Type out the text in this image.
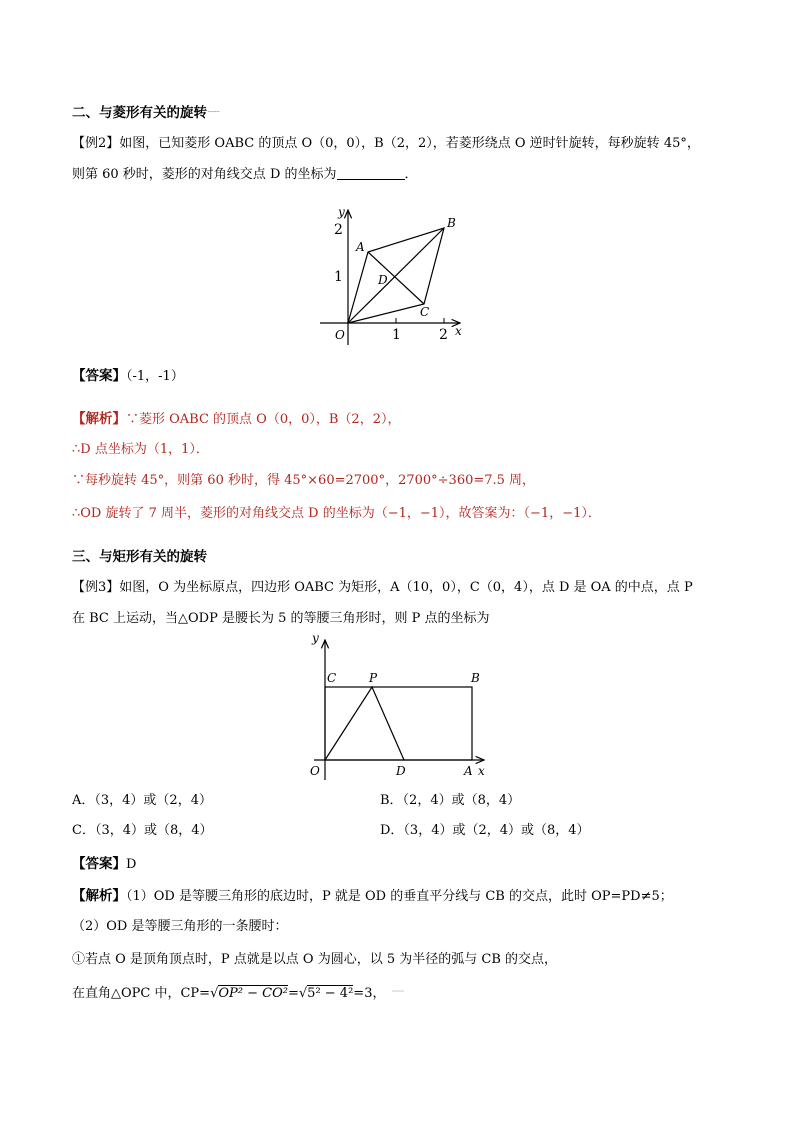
二、与菱形有关的旋转˜˜˜˜
【例2】如图，已知菱形 OABC 的顶点 O（0，0），B（2，2），若菱形绕点 O 逆时针旋转，每秒旋转 45°，
则第 60 秒时，菱形的对角线交点 D 的坐标为	．
1	2
1
2
x
y
O
A
B
C
D
【答案】（-1，-1）
【解析】∵菱形 OABC 的顶点 O（0，0），B（2，2），
∴D 点坐标为（1，1）．
∵每秒旋转 45°，则第 60 秒时，得 45°×60=2700°，2700°÷360=7.5 周，
∴OD 旋转了 7 周半，菱形的对角线交点 D 的坐标为（−1，−1），故答案为：（−1，−1）．
三、与矩形有关的旋转
【例3】如图，O 为坐标原点，四边形 OABC 为矩形，A（10，0），C（0，4），点 D 是 OA 的中点，点 P
在 BC 上运动，当△ODP 是腰长为 5 的等腰三角形时，则 P 点的坐标为
x
y
O	A
B
C
D
P
A．（3，4）或（2，4）	B．（2，4）或（8，4）
C．（3，4）或（8，4）	D．（3，4）或（2，4）或（8，4）
【答案】D
【解析】（1）OD 是等腰三角形的底边时，P 就是 OD 的垂直平分线与 CB 的交点，此时 OP=PD≠5；
（2）OD 是等腰三角形的一条腰时：
①若点 O 是顶角顶点时，P 点就是以点 O 为圆心，以 5 为半径的弧与 CB 的交点，
在直角△OPC 中，CP=√OP² − CO²=√5² − 4²=3， ˜˜˜˜
